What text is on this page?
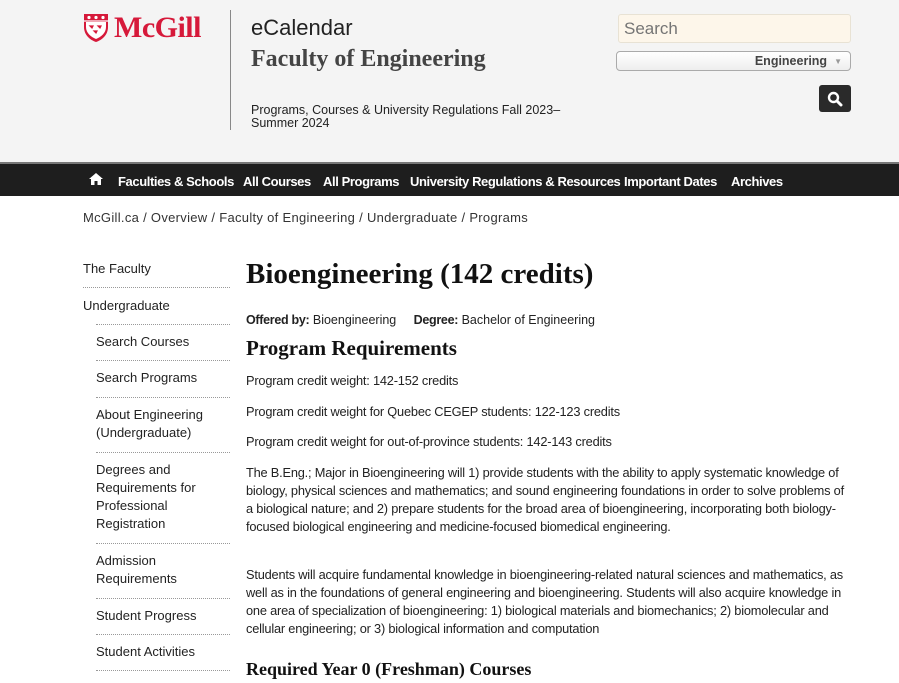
McGill eCalendar
Faculty of Engineering
Programs, Courses & University Regulations Fall 2023–Summer 2024
Search
Engineering ▼
Faculties & Schools All Courses All Programs University Regulations & Resources Important Dates Archives
McGill.ca / Overview / Faculty of Engineering / Undergraduate / Programs
The Faculty
Undergraduate
Search Courses
Search Programs
About Engineering (Undergraduate)
Degrees and Requirements for Professional Registration
Admission Requirements
Student Progress
Student Activities
Bioengineering (142 credits)
Offered by: Bioengineering Degree: Bachelor of Engineering
Program Requirements

Program credit weight: 142-152 credits

Program credit weight for Quebec CEGEP students: 122-123 credits

Program credit weight for out-of-province students: 142-143 credits

The B.Eng.; Major in Bioengineering will 1) provide students with the ability to apply systematic knowledge of biology, physical sciences and mathematics; and sound engineering foundations in order to solve problems of a biological nature; and 2) prepare students for the broad area of bioengineering, incorporating both biology-focused biological engineering and medicine-focused biomedical engineering.

Students will acquire fundamental knowledge in bioengineering-related natural sciences and mathematics, as well as in the foundations of general engineering and bioengineering. Students will also acquire knowledge in one area of specialization of bioengineering: 1) biological materials and biomechanics; 2) biomolecular and cellular engineering; or 3) biological information and computation

Required Year 0 (Freshman) Courses
